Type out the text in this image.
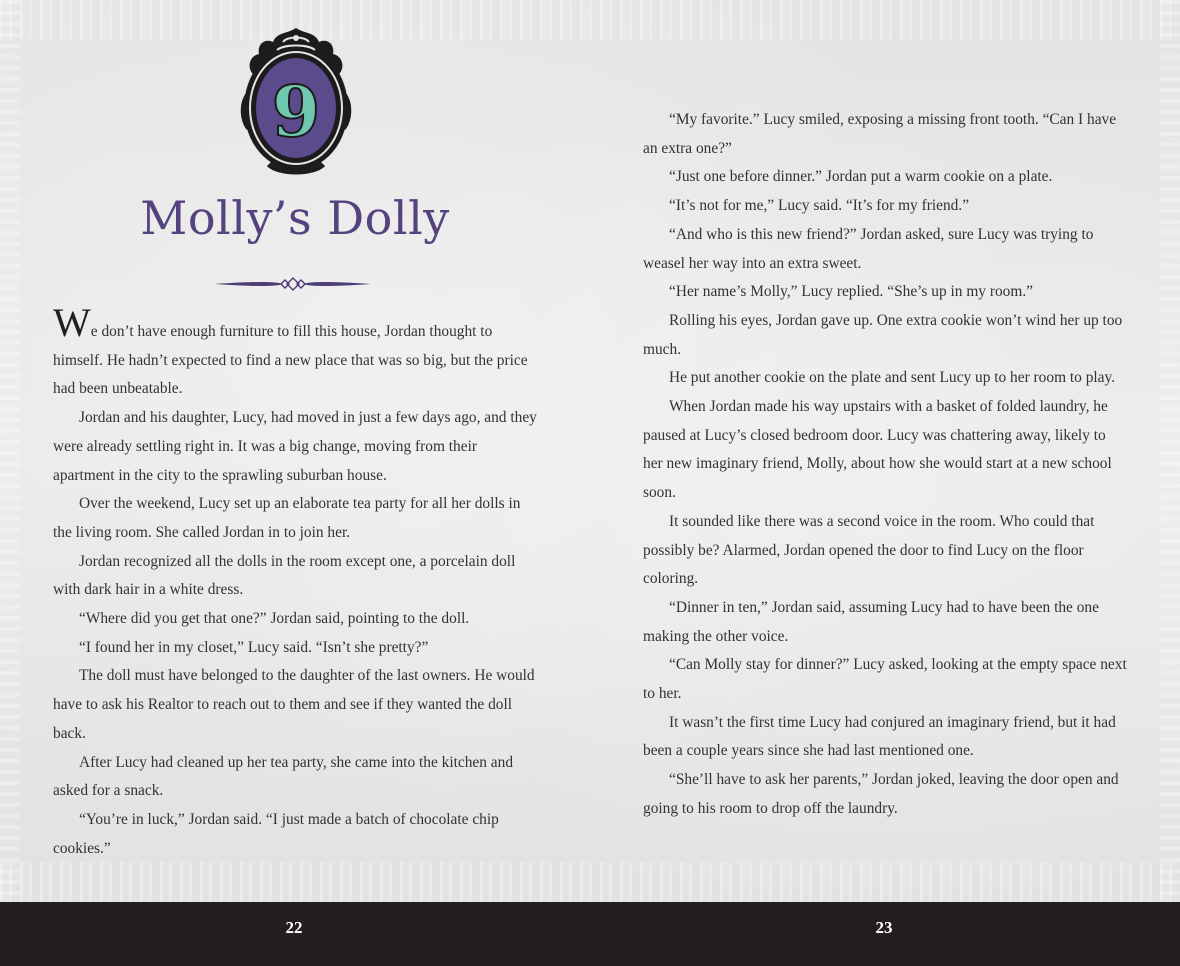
9
Molly’s Dolly

We don’t have enough furniture to fill this house, Jordan thought to himself. He hadn’t expected to find a new place that was so big, but the price had been unbeatable.

Jordan and his daughter, Lucy, had moved in just a few days ago, and they were already settling right in. It was a big change, moving from their apartment in the city to the sprawling suburban house.

Over the weekend, Lucy set up an elaborate tea party for all her dolls in the living room. She called Jordan in to join her.

Jordan recognized all the dolls in the room except one, a porcelain doll with dark hair in a white dress.

“Where did you get that one?” Jordan said, pointing to the doll.

“I found her in my closet,” Lucy said. “Isn’t she pretty?”

The doll must have belonged to the daughter of the last owners. He would have to ask his Realtor to reach out to them and see if they wanted the doll back.

After Lucy had cleaned up her tea party, she came into the kitchen and asked for a snack.

“You’re in luck,” Jordan said. “I just made a batch of chocolate chip cookies.”

“My favorite.” Lucy smiled, exposing a missing front tooth. “Can I have an extra one?”

“Just one before dinner.” Jordan put a warm cookie on a plate.

“It’s not for me,” Lucy said. “It’s for my friend.”

“And who is this new friend?” Jordan asked, sure Lucy was trying to weasel her way into an extra sweet.

“Her name’s Molly,” Lucy replied. “She’s up in my room.”

Rolling his eyes, Jordan gave up. One extra cookie won’t wind her up too much.

He put another cookie on the plate and sent Lucy up to her room to play.

When Jordan made his way upstairs with a basket of folded laundry, he paused at Lucy’s closed bedroom door. Lucy was chattering away, likely to her new imaginary friend, Molly, about how she would start at a new school soon.

It sounded like there was a second voice in the room. Who could that possibly be? Alarmed, Jordan opened the door to find Lucy on the floor coloring.

“Dinner in ten,” Jordan said, assuming Lucy had to have been the one making the other voice.

“Can Molly stay for dinner?” Lucy asked, looking at the empty space next to her.

It wasn’t the first time Lucy had conjured an imaginary friend, but it had been a couple years since she had last mentioned one.

“She’ll have to ask her parents,” Jordan joked, leaving the door open and going to his room to drop off the laundry.

22	23
